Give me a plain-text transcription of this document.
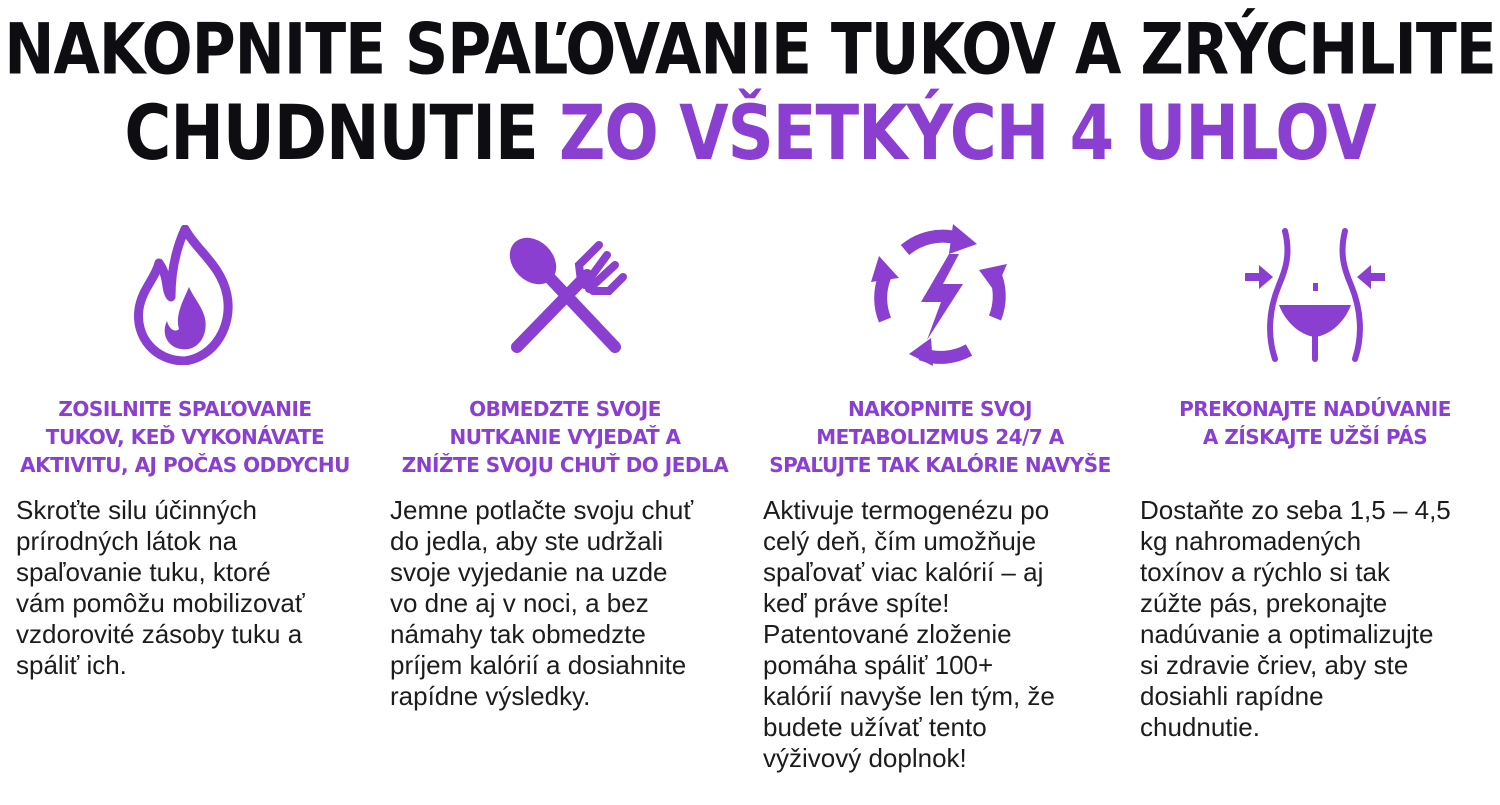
NAKOPNITE SPAĽOVANIE TUKOV A ZRÝCHLITE
CHUDNUTIE ZO VŠETKÝCH 4 UHLOV
ZOSILNITE SPAĽOVANIE
TUKOV, KEĎ VYKONÁVATE
AKTIVITU, AJ POČAS ODDYCHU
Skroťte silu účinných
prírodných látok na
spaľovanie tuku, ktoré
vám pomôžu mobilizovať
vzdorovité zásoby tuku a
spáliť ich.
OBMEDZTE SVOJE
NUTKANIE VYJEDAŤ A
ZNÍŽTE SVOJU CHUŤ DO JEDLA
Jemne potlačte svoju chuť
do jedla, aby ste udržali
svoje vyjedanie na uzde
vo dne aj v noci, a bez
námahy tak obmedzte
príjem kalórií a dosiahnite
rapídne výsledky.
NAKOPNITE SVOJ
METABOLIZMUS 24/7 A
SPAĽUJTE TAK KALÓRIE NAVYŠE
Aktivuje termogenézu po
celý deň, čím umožňuje
spaľovať viac kalórií – aj
keď práve spíte!
Patentované zloženie
pomáha spáliť 100+
kalórií navyše len tým, že
budete užívať tento
výživový doplnok!
PREKONAJTE NADÚVANIE
A ZÍSKAJTE UŽŠÍ PÁS
Dostaňte zo seba 1,5 – 4,5
kg nahromadených
toxínov a rýchlo si tak
zúžte pás, prekonajte
nadúvanie a optimalizujte
si zdravie čriev, aby ste
dosiahli rapídne
chudnutie.
